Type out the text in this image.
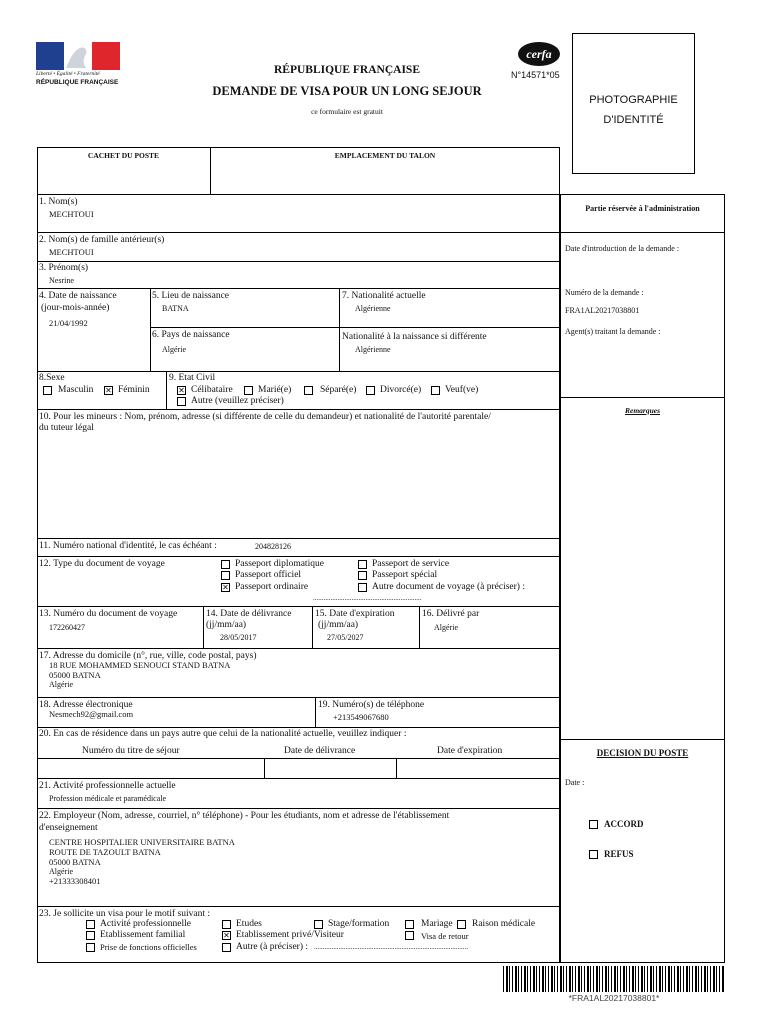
Liberté • Égalité • Fraternité
RÉPUBLIQUE FRANÇAISE
RÉPUBLIQUE FRANÇAISE
DEMANDE DE VISA POUR UN LONG SEJOUR
ce formulaire est gratuit
cerfa
N°14571*05
PHOTOGRAPHIE
D'IDENTITÉ
CACHET DU POSTE	EMPLACEMENT DU TALON
1. Nom(s)
MECHTOUI
2. Nom(s) de famille antérieur(s)
MECHTOUI
3. Prénom(s)
Nesrine
4. Date de naissance
(jour-mois-année)
21/04/1992
5. Lieu de naissance
BATNA
7. Nationalité actuelle
Algérienne
6. Pays de naissance
Algérie
Nationalité à la naissance si différente
Algérienne
8.Sexe
Masculin ✕ Féminin
9. Etat Civil
✕ Célibataire	Marié(e)	Séparé(e) Divorcé(e)	Veuf(ve)
Autre (veuillez préciser)
10. Pour les mineurs : Nom, prénom, adresse (si différente de celle du demandeur) et nationalité de l'autorité parentale/
du tuteur légal
11. Numéro national d'identité, le cas échéant :	204828126
12. Type du document de voyage	Passeport diplomatique
Passeport officiel
✕ Passeport ordinaire
Passeport de service
Passeport spécial
Autre document de voyage (à préciser) :
..............................................................
13. Numéro du document de voyage
172260427
14. Date de délivrance
(jj/mm/aa)
28/05/2017
15. Date d'expiration
(jj/mm/aa)
27/05/2027
16. Délivré par
Algérie
17. Adresse du domicile (n°, rue, ville, code postal, pays)
18 RUE MOHAMMED SENOUCI STAND BATNA
05000 BATNA
Algérie
18. Adresse électronique
Nesmech92@gmail.com
19. Numéro(s) de téléphone
+213549067680
20. En cas de résidence dans un pays autre que celui de la nationalité actuelle, veuillez indiquer :
Numéro du titre de séjour	Date de délivrance	Date d'expiration
21. Activité professionnelle actuelle
Profession médicale et paramédicale
22. Employeur (Nom, adresse, courriel, n° téléphone) - Pour les étudiants, nom et adresse de l'établissement
d'enseignement
CENTRE HOSPITALIER UNIVERSITAIRE BATNA
ROUTE DE TAZOULT BATNA
05000 BATNA
Algérie
+21333308401
23. Je sollicite un visa pour le motif suivant :
Activité professionnelle
Etablissement familial
Prise de fonctions officielles
Etudes
✕ Etablissement privé/Visiteur
Autre (à préciser) : ........................................................................................
Stage/formation
Visa de retour
Mariage Raison médicale
Partie réservée à l'administration
Date d'introduction de la demande :
Numéro de la demande :
FRA1AL20217038801
Agent(s) traitant la demande :
Remarques
DECISION DU POSTE
Date :
ACCORD
REFUS
*FRA1AL20217038801*
